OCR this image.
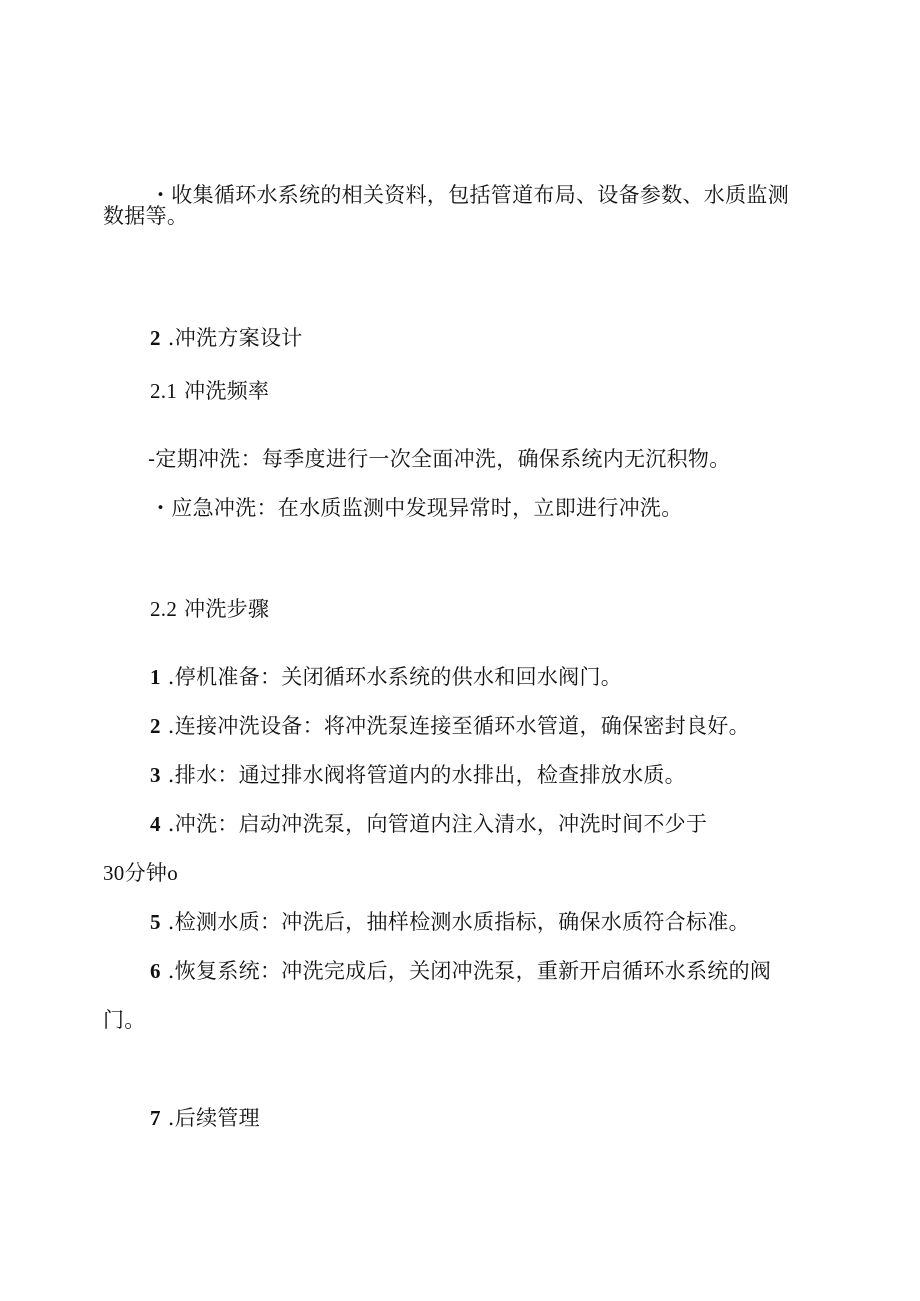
・收集循环水系统的相关资料，包括管道布局、设备参数、水质监测
数据等。
2 .冲洗方案设计
2.1 冲洗频率
-定期冲洗：每季度进行一次全面冲洗，确保系统内无沉积物。
・应急冲洗：在水质监测中发现异常时，立即进行冲洗。
2.2 冲洗步骤
1 .停机准备：关闭循环水系统的供水和回水阀门。
2 .连接冲洗设备：将冲洗泵连接至循环水管道，确保密封良好。
3 .排水：通过排水阀将管道内的水排出，检查排放水质。
4 .冲洗：启动冲洗泵，向管道内注入清水，冲洗时间不少于
30分钟o
5 .检测水质：冲洗后，抽样检测水质指标，确保水质符合标准。
6 .恢复系统：冲洗完成后，关闭冲洗泵，重新开启循环水系统的阀
门。
7 .后续管理
